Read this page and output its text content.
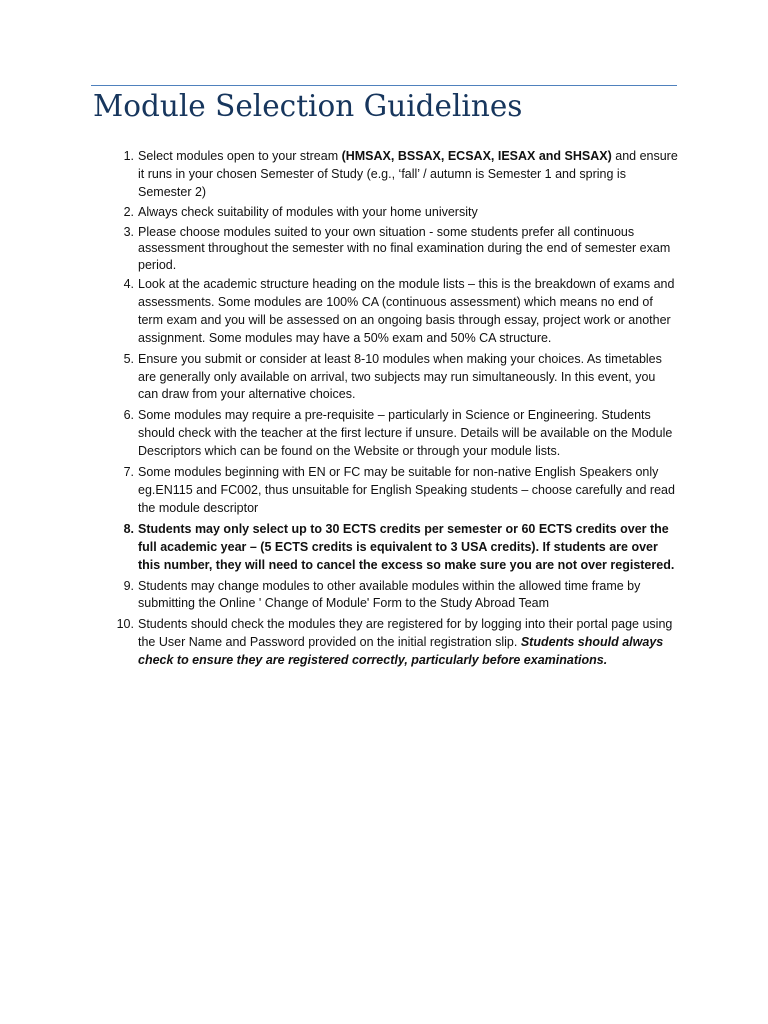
Module Selection Guidelines
1. Select modules open to your stream (HMSAX, BSSAX, ECSAX, IESAX and SHSAX) and ensure it runs in your chosen Semester of Study (e.g., ‘fall’ / autumn is Semester 1 and spring is Semester 2)
2. Always check suitability of modules with your home university
3. Please choose modules suited to your own situation - some students prefer all continuous assessment throughout the semester with no final examination during the end of semester exam period.
4. Look at the academic structure heading on the module lists – this is the breakdown of exams and assessments. Some modules are 100% CA (continuous assessment) which means no end of term exam and you will be assessed on an ongoing basis through essay, project work or another assignment. Some modules may have a 50% exam and 50% CA structure.
5. Ensure you submit or consider at least 8-10 modules when making your choices. As timetables are generally only available on arrival, two subjects may run simultaneously. In this event, you can draw from your alternative choices.
6. Some modules may require a pre-requisite – particularly in Science or Engineering. Students should check with the teacher at the first lecture if unsure. Details will be available on the Module Descriptors which can be found on the Website or through your module lists.
7. Some modules beginning with EN or FC may be suitable for non-native English Speakers only eg.EN115 and FC002, thus unsuitable for English Speaking students – choose carefully and read the module descriptor
8. Students may only select up to 30 ECTS credits per semester or 60 ECTS credits over the full academic year – (5 ECTS credits is equivalent to 3 USA credits). If students are over this number, they will need to cancel the excess so make sure you are not over registered.
9. Students may change modules to other available modules within the allowed time frame by submitting the Online ' Change of Module' Form to the Study Abroad Team
10. Students should check the modules they are registered for by logging into their portal page using the User Name and Password provided on the initial registration slip. Students should always check to ensure they are registered correctly, particularly before examinations.
